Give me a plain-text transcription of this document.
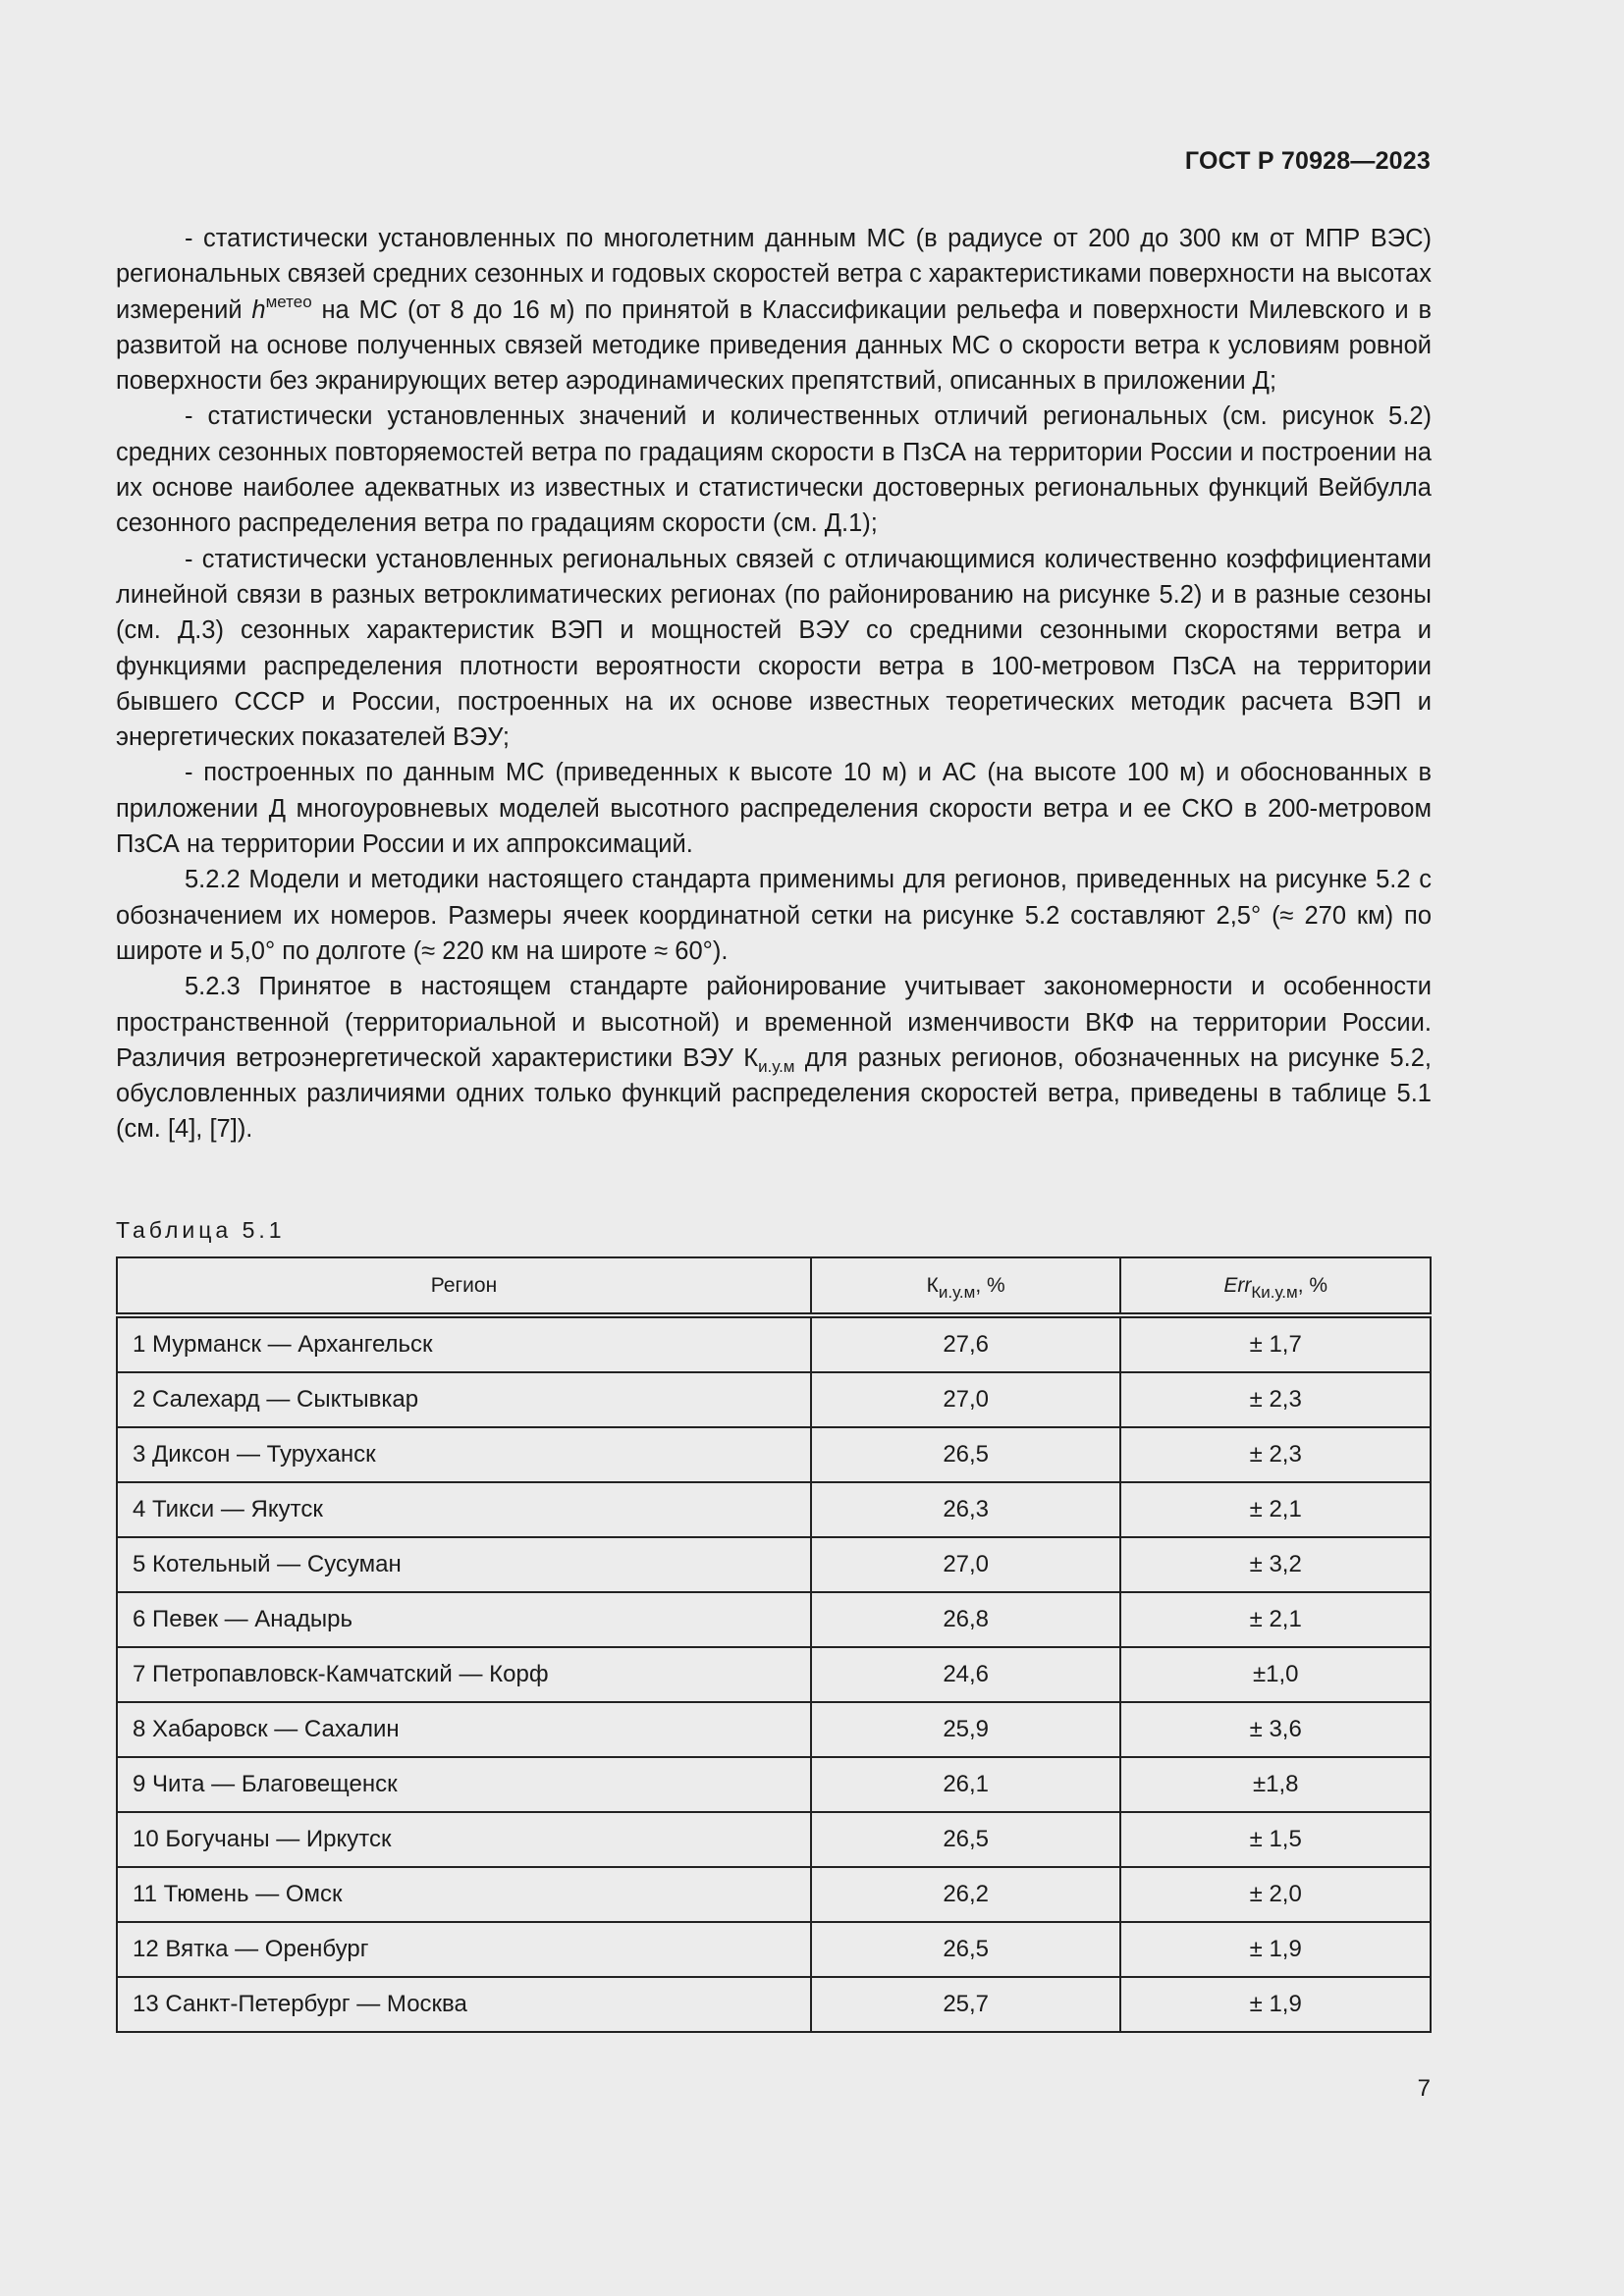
ГОСТ Р 70928—2023

- статистически установленных по многолетним данным МС (в радиусе от 200 до 300 км от МПР ВЭС) региональных связей средних сезонных и годовых скоростей ветра с характеристиками поверхности на высотах измерений $h^{метео}$ на МС (от 8 до 16 м) по принятой в Классификации рельефа и поверхности Милевского и в развитой на основе полученных связей методике приведения данных МС о скорости ветра к условиям ровной поверхности без экранирующих ветер аэродинамических препятствий, описанных в приложении Д;

- статистически установленных значений и количественных отличий региональных (см. рисунок 5.2) средних сезонных повторяемостей ветра по градациям скорости в ПзСА на территории России и построении на их основе наиболее адекватных из известных и статистически достоверных региональных функций Вейбулла сезонного распределения ветра по градациям скорости (см. Д.1);

- статистически установленных региональных связей с отличающимися количественно коэффициентами линейной связи в разных ветроклиматических регионах (по районированию на рисунке 5.2) и в разные сезоны (см. Д.3) сезонных характеристик ВЭП и мощностей ВЭУ со средними сезонными скоростями ветра и функциями распределения плотности вероятности скорости ветра в 100-метровом ПзСА на территории бывшего СССР и России, построенных на их основе известных теоретических методик расчета ВЭП и энергетических показателей ВЭУ;

- построенных по данным МС (приведенных к высоте 10 м) и АС (на высоте 100 м) и обоснованных в приложении Д многоуровневых моделей высотного распределения скорости ветра и ее СКО в 200-метровом ПзСА на территории России и их аппроксимаций.

5.2.2 Модели и методики настоящего стандарта применимы для регионов, приведенных на рисунке 5.2 с обозначением их номеров. Размеры ячеек координатной сетки на рисунке 5.2 составляют 2,5° (≈ 270 км) по широте и 5,0° по долготе (≈ 220 км на широте ≈ 60°).

5.2.3 Принятое в настоящем стандарте районирование учитывает закономерности и особенности пространственной (территориальной и высотной) и временной изменчивости ВКФ на территории России. Различия ветроэнергетической характеристики ВЭУ $К_{и.у.м}$ для разных регионов, обозначенных на рисунке 5.2, обусловленных различиями одних только функций распределения скоростей ветра, приведены в таблице 5.1 (см. [4], [7]).

Таблица 5.1
Регион	$К_{и.у.м}$, %	Err$_{Ки.у.м}$, %
1 Мурманск — Архангельск	27,6	± 1,7
2 Салехард — Сыктывкар	27,0	± 2,3
3 Диксон — Туруханск	26,5	± 2,3
4 Тикси — Якутск	26,3	± 2,1
5 Котельный — Сусуман	27,0	± 3,2
6 Певек — Анадырь	26,8	± 2,1
7 Петропавловск-Камчатский — Корф	24,6	±1,0
8 Хабаровск — Сахалин	25,9	± 3,6
9 Чита — Благовещенск	26,1	±1,8
10 Богучаны — Иркутск	26,5	± 1,5
11 Тюмень — Омск	26,2	± 2,0
12 Вятка — Оренбург	26,5	± 1,9
13 Санкт-Петербург — Москва	25,7	± 1,9
7
